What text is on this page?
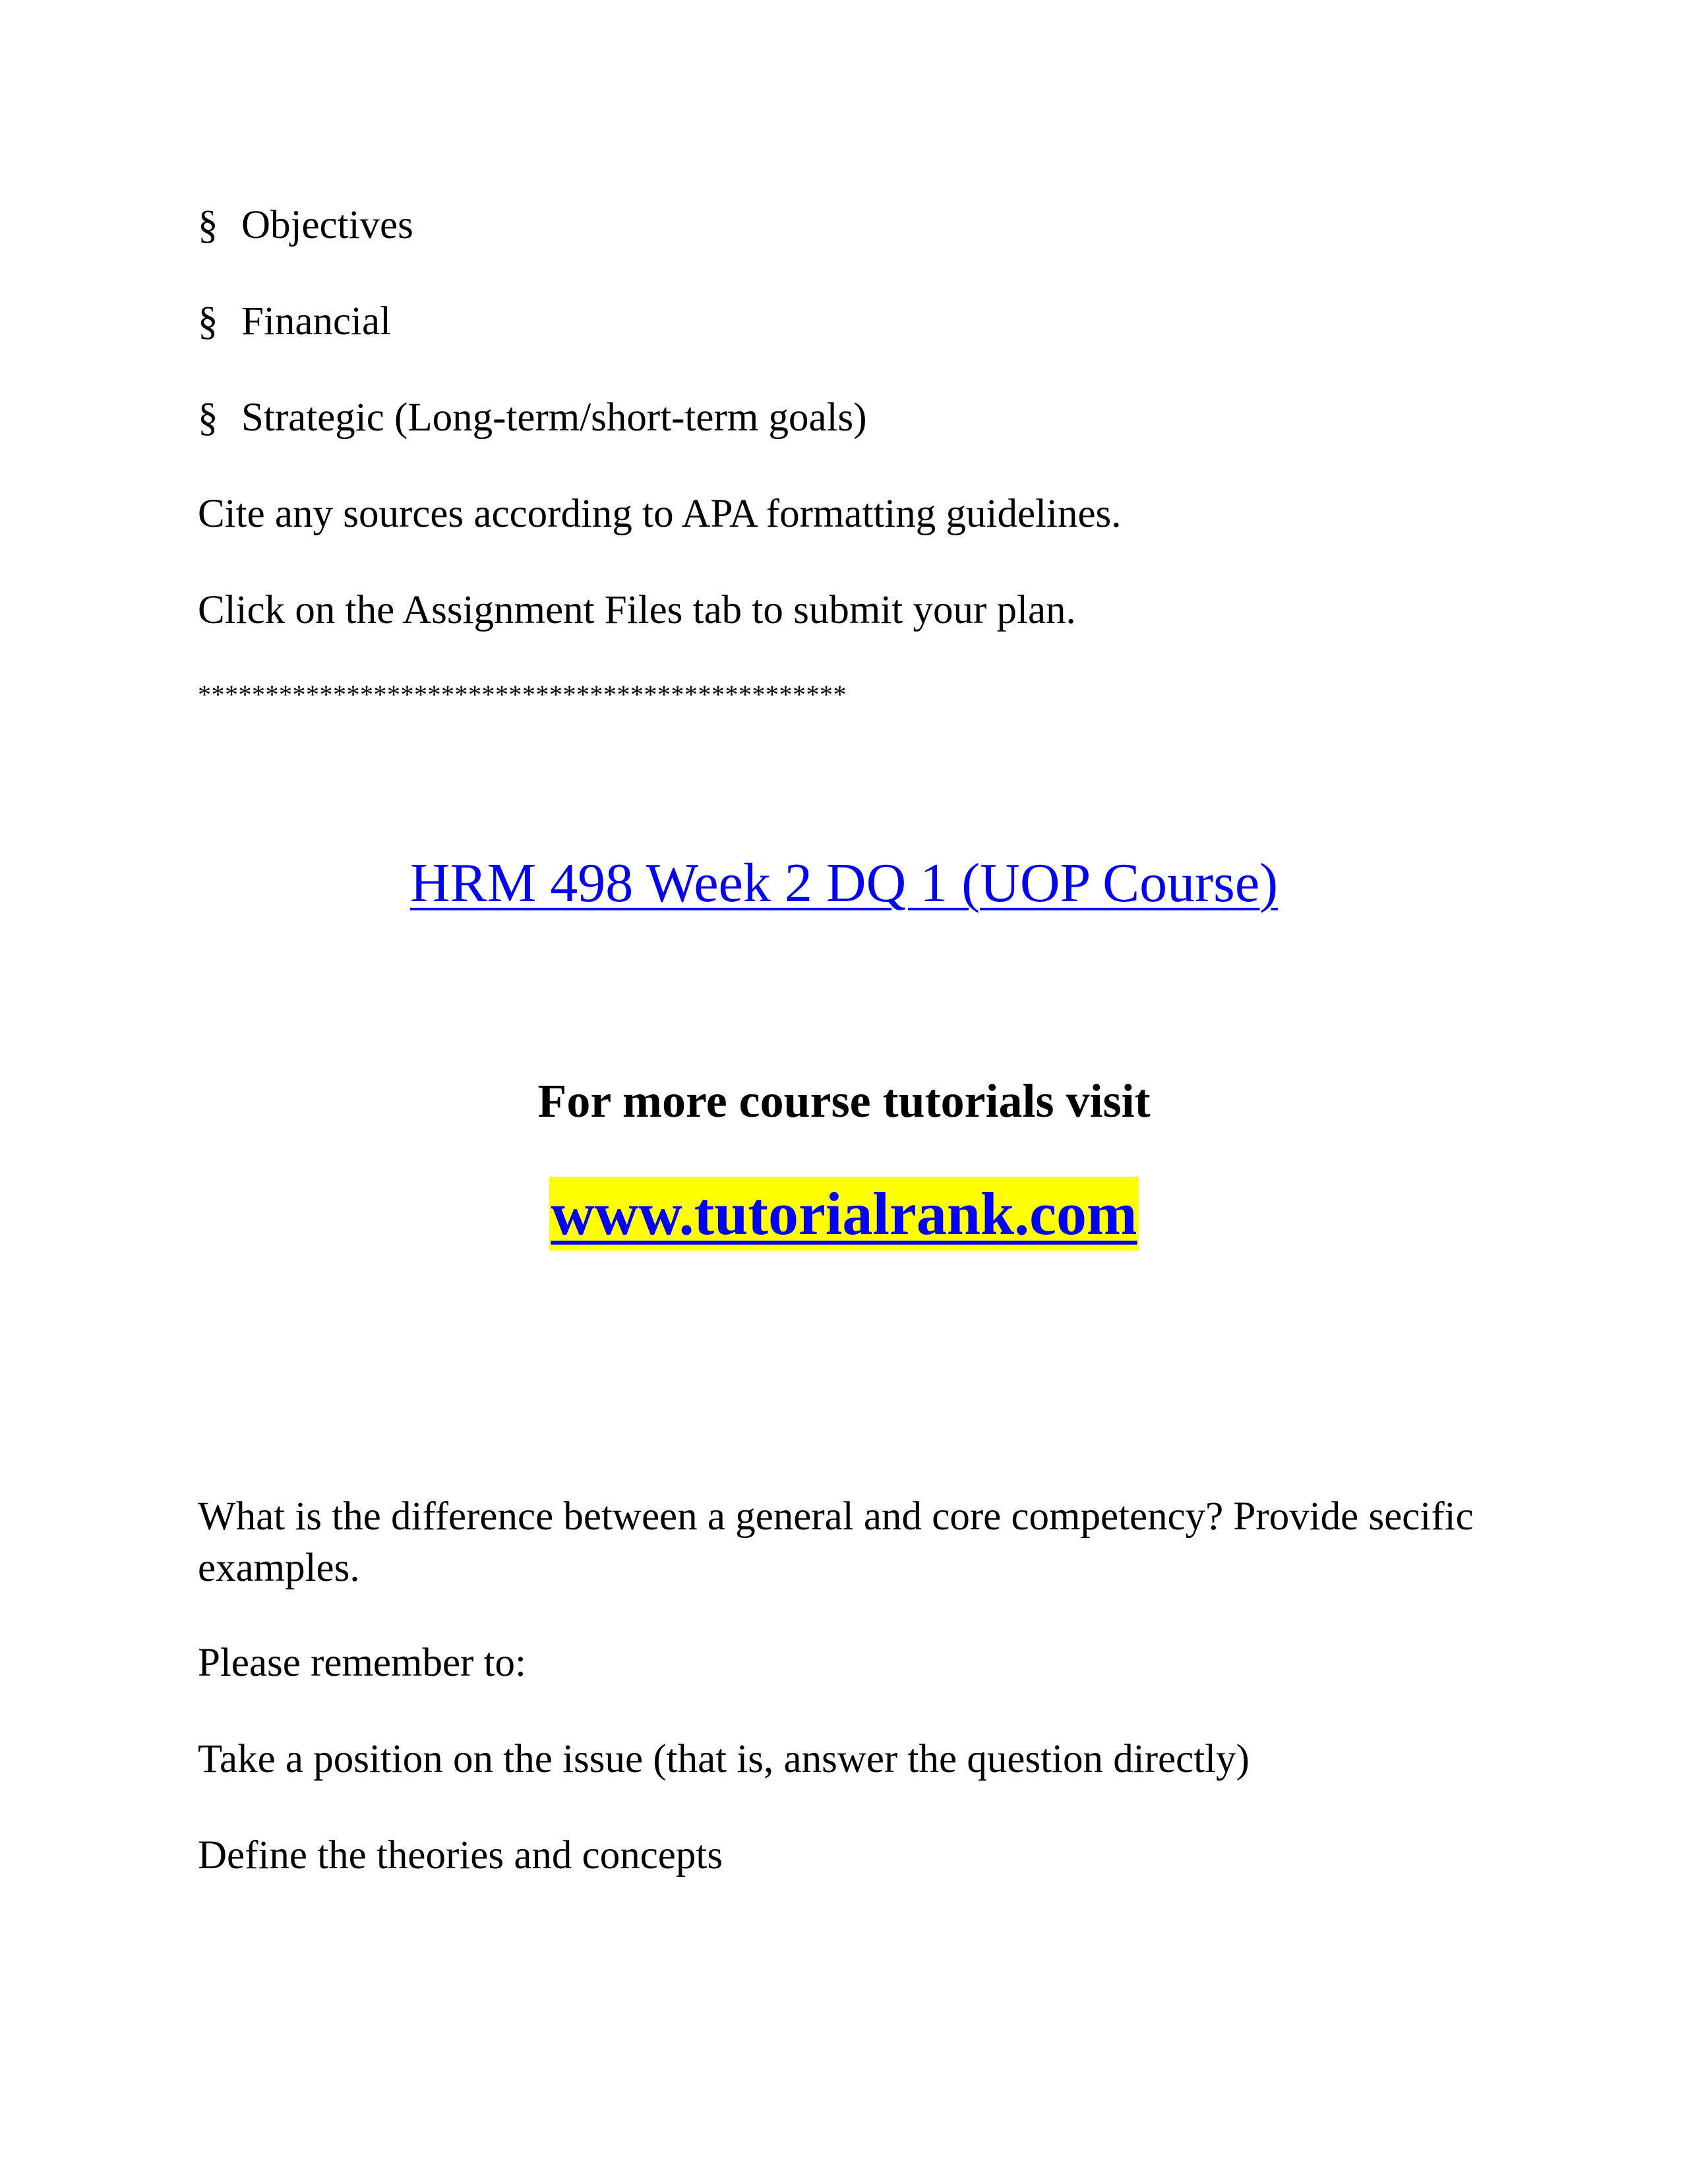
§ Objectives
§ Financial
§ Strategic (Long-term/short-term goals)
Cite any sources according to APA formatting guidelines.
Click on the Assignment Files tab to submit your plan.
************************************************
HRM 498 Week 2 DQ 1 (UOP Course)
For more course tutorials visit
www.tutorialrank.com
What is the difference between a general and core competency? Provide secific examples.
Please remember to:
Take a position on the issue (that is, answer the question directly)
Define the theories and concepts
